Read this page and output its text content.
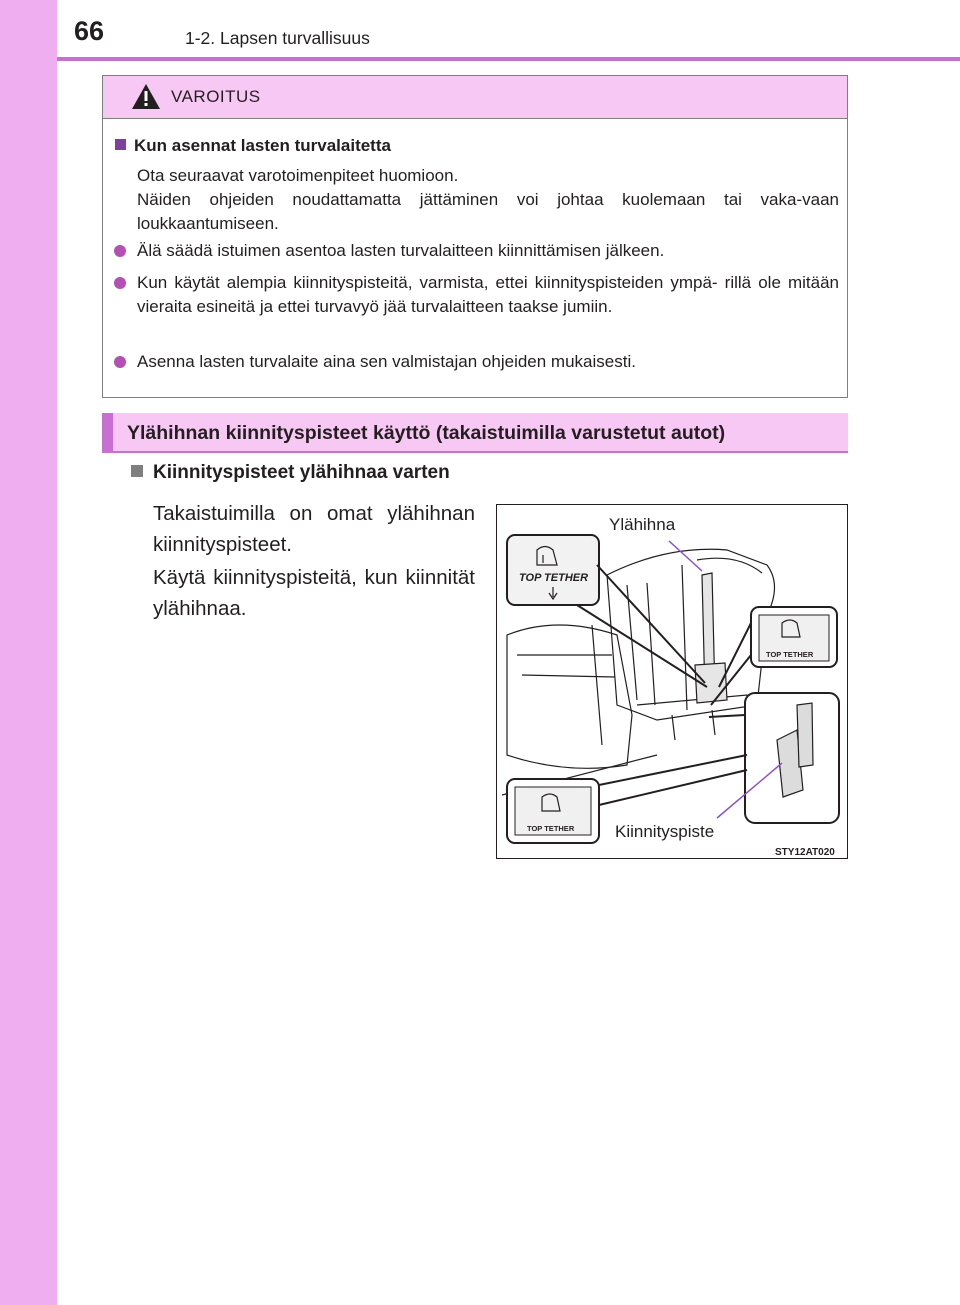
66	1-2. Lapsen turvallisuus
VAROITUS
Kun asennat lasten turvalaitetta
Ota seuraavat varotoimenpiteet huomioon.
Näiden ohjeiden noudattamatta jättäminen voi johtaa kuolemaan tai vaka-vaan loukkaantumiseen.
Älä säädä istuimen asentoa lasten turvalaitteen kiinnittämisen jälkeen.
Kun käytät alempia kiinnityspisteitä, varmista, ettei kiinnityspisteiden ympä- rillä ole mitään vieraita esineitä ja ettei turvavyö jää turvalaitteen taakse jumiin.
Asenna lasten turvalaite aina sen valmistajan ohjeiden mukaisesti.
Ylähihnan kiinnityspisteet käyttö (takaistuimilla varustetut autot)
Kiinnityspisteet ylähihnaa varten
Takaistuimilla on omat ylähihnan kiinnityspisteet.
Käytä kiinnityspisteitä, kun kiinnität ylähihnaa.
TOP TETHER
TOP TETHER
TOP TETHER
Ylähihna
Kiinnityspiste
STY12AT020
